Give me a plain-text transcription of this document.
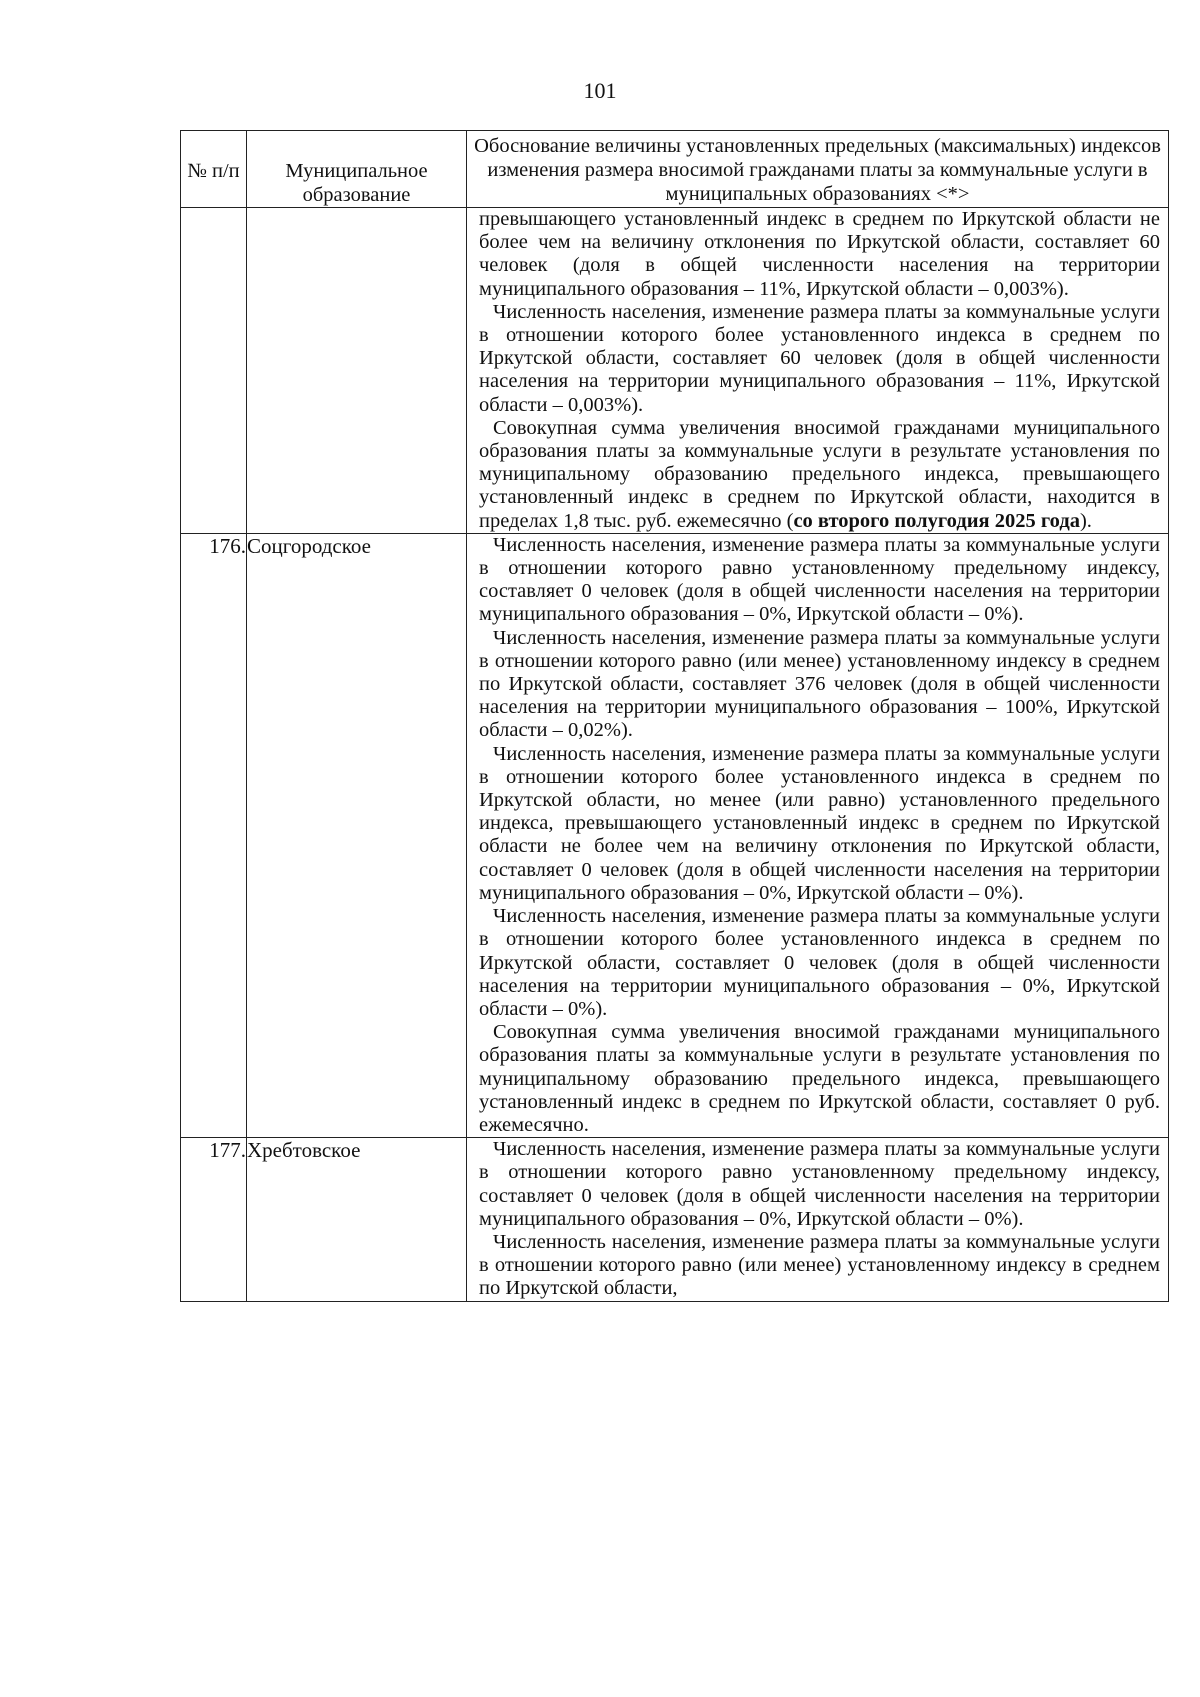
101
№ п/п	Муниципальное образование	Обоснование величины установленных предельных (максимальных) индексов изменения размера вносимой гражданами платы за коммунальные услуги в муниципальных образованиях <*>

		превышающего установленный индекс в среднем по Иркутской области не более чем на величину отклонения по Иркутской области, составляет 60 человек (доля в общей численности населения на территории муниципального образования – 11%, Иркутской области – 0,003%).

Численность населения, изменение размера платы за коммунальные услуги в отношении которого более установленного индекса в среднем по Иркутской области, составляет 60 человек (доля в общей численности населения на территории муниципального образования – 11%, Иркутской области – 0,003%).

Совокупная сумма увеличения вносимой гражданами муниципального образования платы за коммунальные услуги в результате установления по муниципальному образованию предельного индекса, превышающего установленный индекс в среднем по Иркутской области, находится в пределах 1,8 тыс. руб. ежемесячно (со второго полугодия 2025 года).

176.	Соцгородское	Численность населения, изменение размера платы за коммунальные услуги в отношении которого равно установленному предельному индексу, составляет 0 человек (доля в общей численности населения на территории муниципального образования – 0%, Иркутской области – 0%).

Численность населения, изменение размера платы за коммунальные услуги в отношении которого равно (или менее) установленному индексу в среднем по Иркутской области, составляет 376 человек (доля в общей численности населения на территории муниципального образования – 100%, Иркутской области – 0,02%).

Численность населения, изменение размера платы за коммунальные услуги в отношении которого более установленного индекса в среднем по Иркутской области, но менее (или равно) установленного предельного индекса, превышающего установленный индекс в среднем по Иркутской области не более чем на величину отклонения по Иркутской области, составляет 0 человек (доля в общей численности населения на территории муниципального образования – 0%, Иркутской области – 0%).

Численность населения, изменение размера платы за коммунальные услуги в отношении которого более установленного индекса в среднем по Иркутской области, составляет 0 человек (доля в общей численности населения на территории муниципального образования – 0%, Иркутской области – 0%).

Совокупная сумма увеличения вносимой гражданами муниципального образования платы за коммунальные услуги в результате установления по муниципальному образованию предельного индекса, превышающего установленный индекс в среднем по Иркутской области, составляет 0 руб. ежемесячно.

177.	Хребтовское	Численность населения, изменение размера платы за коммунальные услуги в отношении которого равно установленному предельному индексу, составляет 0 человек (доля в общей численности населения на территории муниципального образования – 0%, Иркутской области – 0%).

Численность населения, изменение размера платы за коммунальные услуги в отношении которого равно (или менее) установленному индексу в среднем по Иркутской области,
